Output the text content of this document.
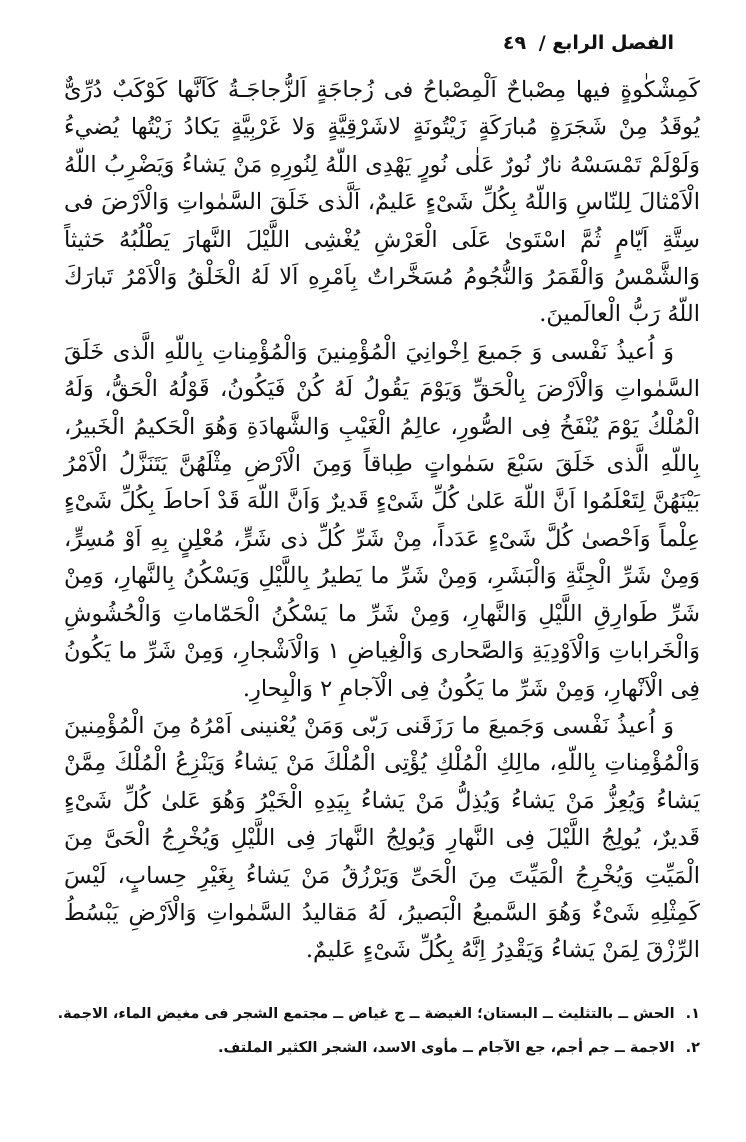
الفصل الرابع / ٤٩

كَمِشْكٰوةٍ فيها مِصْباحٌ اَلْمِصْباحُ فى زُجاجَةٍ اَلزُّجاجَـةُ كَاَنَّها كَوْكَبٌ دُرِّىٌّ يُوقَدُ مِنْ شَجَرَةٍ مُبارَكَةٍ زَيْتُونَةٍ لاشَرْقِيَّةٍ وَلا غَرْبِيَّةٍ يَكادُ زَيْتُها يُضيءُ وَلَوْلَمْ تَمْسَسْهُ نارٌ نُورٌ عَلٰى نُورٍ يَهْدِى اللّهُ لِنُورِهِ مَنْ يَشاءُ وَيَضْرِبُ اللّهُ الْاَمْثالَ لِلنّاسِ وَاللّهُ بِكُلِّ شَىْءٍ عَليمٌ، اَلَّذى خَلَقَ السَّمٰواتِ وَالْاَرْضَ فى سِتَّةِ اَيّامٍ ثُمَّ اسْتَوىٰ عَلَى الْعَرْشِ يُغْشِى اللَّيْلَ النَّهارَ يَطْلُبُهُ حَثيثاً وَالشَّمْسُ وَالْقَمَرُ وَالنُّجُومُ مُسَخَّراتٌ بِاَمْرِهِ اَلا لَهُ الْخَلْقُ وَالْاَمْرُ تَبارَكَ اللّهُ رَبُّ الْعالَمينَ.

وَ اُعيذُ نَفْسى وَ جَميعَ اِخْوانِيَ الْمُؤْمِنينَ وَالْمُؤْمِناتِ بِاللّهِ الَّذى خَلَقَ السَّمٰواتِ وَالْاَرْضَ بِالْحَقِّ وَيَوْمَ يَقُولُ لَهُ كُنْ فَيَكُونُ، قَوْلُهُ الْحَقُّ، وَلَهُ الْمُلْكُ يَوْمَ يُنْفَخُ فِى الصُّورِ، عالِمُ الْغَيْبِ وَالشَّهادَةِ وَهُوَ الْحَكيمُ الْخَبيرُ، بِاللّهِ الَّذى خَلَقَ سَبْعَ سَمٰواتٍ طِباقاً وَمِنَ الْاَرْضِ مِثْلَهُنَّ يَتَنَزَّلُ الْاَمْرُ بَيْنَهُنَّ لِتَعْلَمُوا اَنَّ اللّهَ عَلىٰ كُلِّ شَىْءٍ قَديرٌ وَاَنَّ اللّهَ قَدْ اَحاطَ بِكُلِّ شَىْءٍ عِلْماً وَاَحْصىٰ كُلَّ شَىْءٍ عَدَداً، مِنْ شَرِّ كُلِّ ذى شَرٍّ، مُعْلِنٍ بِهِ اَوْ مُسِرٍّ، وَمِنْ شَرِّ الْجِنَّةِ وَالْبَشَرِ، وَمِنْ شَرِّ ما يَطيرُ بِاللَّيْلِ وَيَسْكُنُ بِالنَّهارِ، وَمِنْ شَرِّ طَوارِقِ اللَّيْلِ وَالنَّهارِ، وَمِنْ شَرِّ ما يَسْكُنُ الْحَمّاماتِ وَالْحُشُوشِ وَالْخَراباتِ وَالْاَوْدِيَةِ وَالصَّحارى وَالْغِياضِ ١ وَالْاَشْجارِ، وَمِنْ شَرِّ ما يَكُونُ فِى الْاَنْهارِ، وَمِنْ شَرِّ ما يَكُونُ فِى الْآجامِ ٢ وَالْبِحارِ.

وَ اُعيذُ نَفْسى وَجَميعَ ما رَزَقَنى رَبّى وَمَنْ يُعْنينى اَمْرُهُ مِنَ الْمُؤْمِنينَ وَالْمُؤْمِناتِ بِاللّهِ، مالِكِ الْمُلْكِ يُؤْتِى الْمُلْكَ مَنْ يَشاءُ وَيَنْزِعُ الْمُلْكَ مِمَّنْ يَشاءُ وَيُعِزُّ مَنْ يَشاءُ وَيُذِلُّ مَنْ يَشاءُ بِيَدِهِ الْخَيْرُ وَهُوَ عَلىٰ كُلِّ شَىْءٍ قَديرٌ، يُولِجُ اللَّيْلَ فِى النَّهارِ وَيُولِجُ النَّهارَ فِى اللَّيْلِ وَيُخْرِجُ الْحَىَّ مِنَ الْمَيِّتِ وَيُخْرِجُ الْمَيِّتَ مِنَ الْحَىِّ وَيَرْزُقُ مَنْ يَشاءُ بِغَيْرِ حِسابٍ، لَيْسَ كَمِثْلِهِ شَىْءٌ وَهُوَ السَّميعُ الْبَصيرُ، لَهُ مَقاليدُ السَّمٰواتِ وَالْاَرْضِ يَبْسُطُ الرِّزْقَ لِمَنْ يَشاءُ وَيَقْدِرُ اِنَّهُ بِكُلِّ شَىْءٍ عَليمٌ.

١. الحش ــ بالتثليث ــ البستان؛ الغيضة ــ ج غياض ــ مجتمع الشجر فى مغيض الماء، الاجمة.

٢. الاجمة ــ جم أجم، جع الآجام ــ مأوى الاسد، الشجر الكثير الملتف.
